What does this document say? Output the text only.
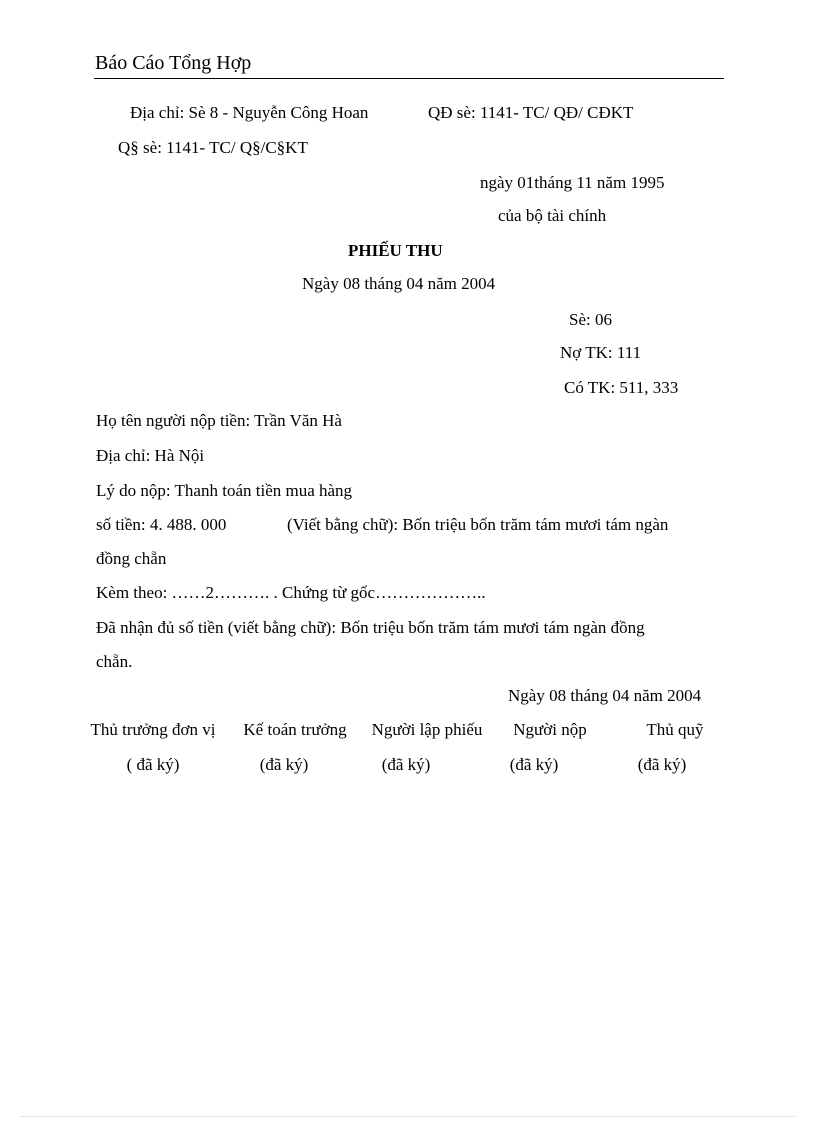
Báo Cáo Tổng Hợp
Địa chỉ: Sè 8 - Nguyễn Công Hoan	QĐ sè: 1141- TC/ QĐ/ CĐKT
Q§ sè: 1141- TC/ Q§/C§KT
ngày 01tháng 11 năm 1995
của bộ tài chính
PHIẾU THU
Ngày 08 tháng 04 năm 2004
Sè: 06
Nợ TK: 111
Có TK: 511, 333
Họ tên người nộp tiền: Trần Văn Hà
Địa chỉ: Hà Nội
Lý do nộp: Thanh toán tiền mua hàng
số tiền: 4. 488. 000	(Viết bằng chữ): Bốn triệu bốn trăm tám mươi tám ngàn
đồng chẵn
Kèm theo: ……2………. . Chứng từ gốc………………..
Đã nhận đủ số tiền (viết bằng chữ): Bốn triệu bốn trăm tám mươi tám ngàn đồng
chẵn.
Ngày 08 tháng 04 năm 2004
Thủ trưởng đơn vị
( đã ký)
Kế toán trưởng
(đã ký)
Người lập phiếu
(đã ký)
Người nộp
(đã ký)
Thủ quỹ
(đã ký)
